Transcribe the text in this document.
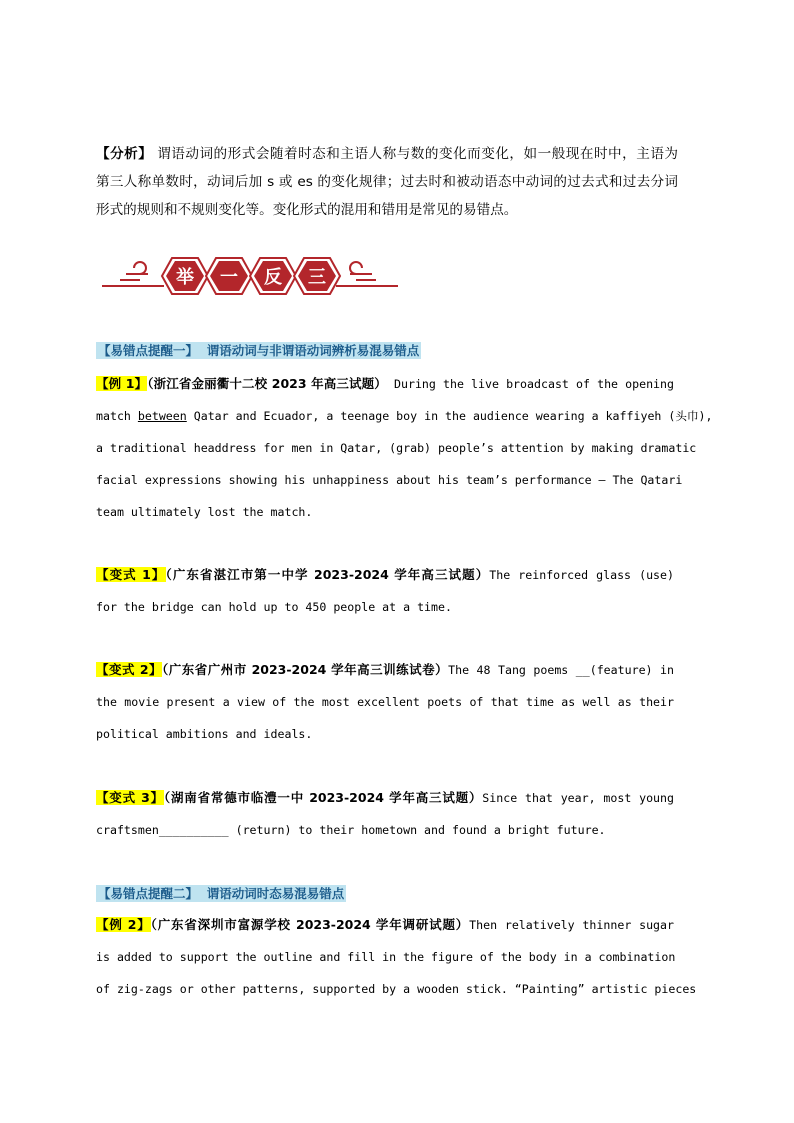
【分析】 谓语动词的形式会随着时态和主语人称与数的变化而变化，如一般现在时中，主语为
第三人称单数时，动词后加 s 或 es 的变化规律；过去时和被动语态中动词的过去式和过去分词
形式的规则和不规则变化等。变化形式的混用和错用是常见的易错点。
举 一 反 三
【易错点提醒一】 谓语动词与非谓语动词辨析易混易错点
【例 1】（浙江省金丽衢十二校 2023 年高三试题） During the live broadcast of the opening
match between Qatar and Ecuador, a teenage boy in the audience wearing a kaffiyeh (头巾),
a traditional headdress for men in Qatar, (grab) people’s attention by making dramatic
facial expressions showing his unhappiness about his team’s performance — The Qatari
team ultimately lost the match.
【变式 1】（广东省湛江市第一中学 2023-2024 学年高三试题）The reinforced glass (use)
for the bridge can hold up to 450 people at a time.
【变式 2】（广东省广州市 2023-2024 学年高三训练试卷）The 48 Tang poems __(feature) in
the movie present a view of the most excellent poets of that time as well as their
political ambitions and ideals.
【变式 3】（湖南省常德市临澧一中 2023-2024 学年高三试题）Since that year, most young
craftsmen__________ (return) to their hometown and found a bright future.
【易错点提醒二】 谓语动词时态易混易错点
【例 2】（广东省深圳市富源学校 2023-2024 学年调研试题）Then relatively thinner sugar
is added to support the outline and fill in the figure of the body in a combination
of zig-zags or other patterns, supported by a wooden stick. “Painting” artistic pieces
